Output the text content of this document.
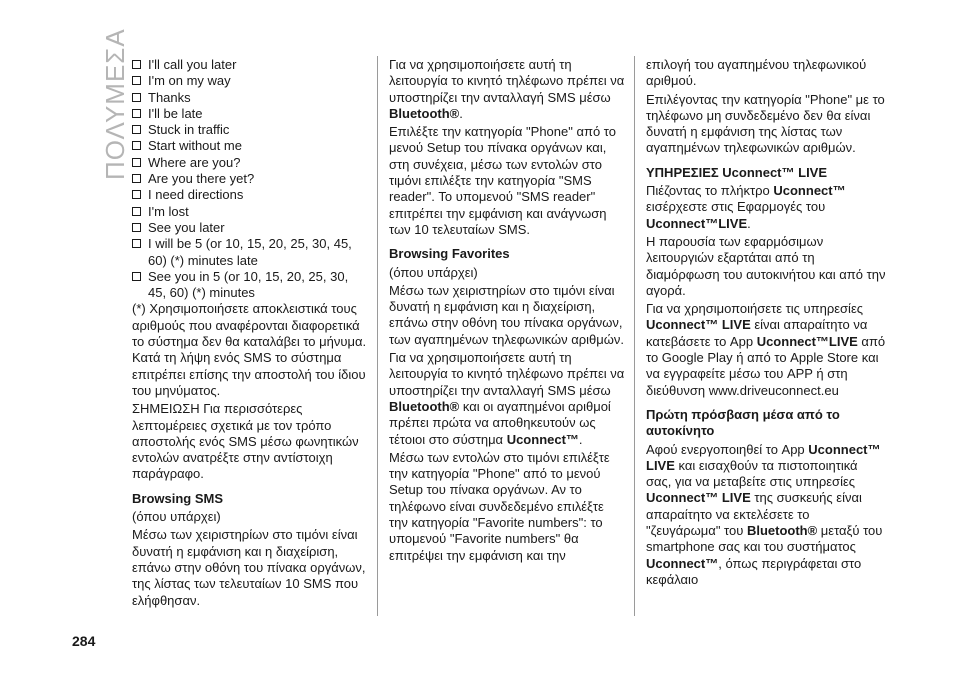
ΠΟΛΥΜΕΣΑ I'll call you later
I'm on my way
Thanks
I'll be late
Stuck in traffic
Start without me
Where are you?
Are you there yet?
I need directions
I'm lost
See you later
I will be 5 (or 10, 15, 20, 25, 30, 45, 60) (*) minutes late
See you in 5 (or 10, 15, 20, 25, 30, 45, 60) (*) minutes
(*) Χρησιμοποιήσετε αποκλειστικά τους αριθμούς που αναφέρονται διαφορετικά το σύστημα δεν θα καταλάβει το μήνυμα. Κατά τη λήψη ενός SMS το σύστημα επιτρέπει επίσης την αποστολή του ίδιου του μηνύματος.
ΣΗΜΕΙΩΣΗ Για περισσότερες λεπτομέρειες σχετικά με τον τρόπο αποστολής ενός SMS μέσω φωνητικών εντολών ανατρέξτε στην αντίστοιχη παράγραφο.
Browsing SMS
(όπου υπάρχει)
Μέσω των χειριστηρίων στο τιμόνι είναι δυνατή η εμφάνιση και η διαχείριση, επάνω στην οθόνη του πίνακα οργάνων, της λίστας των τελευταίων 10 SMS που ελήφθησαν.
Για να χρησιμοποιήσετε αυτή τη λειτουργία το κινητό τηλέφωνο πρέπει να υποστηρίζει την ανταλλαγή SMS μέσω Bluetooth®.
Επιλέξτε την κατηγορία "Phone" από το μενού Setup του πίνακα οργάνων και, στη συνέχεια, μέσω των εντολών στο τιμόνι επιλέξτε την κατηγορία "SMS reader". Το υπομενού "SMS reader" επιτρέπει την εμφάνιση και ανάγνωση των 10 τελευταίων SMS.
Browsing Favorites
(όπου υπάρχει)
Μέσω των χειριστηρίων στο τιμόνι είναι δυνατή η εμφάνιση και η διαχείριση, επάνω στην οθόνη του πίνακα οργάνων, των αγαπημένων τηλεφωνικών αριθμών.
Για να χρησιμοποιήσετε αυτή τη λειτουργία το κινητό τηλέφωνο πρέπει να υποστηρίζει την ανταλλαγή SMS μέσω Bluetooth® και οι αγαπημένοι αριθμοί πρέπει πρώτα να αποθηκευτούν ως τέτοιοι στο σύστημα Uconnect™.
Μέσω των εντολών στο τιμόνι επιλέξτε την κατηγορία "Phone" από το μενού Setup του πίνακα οργάνων. Αν το τηλέφωνο είναι συνδεδεμένο επιλέξτε την κατηγορία "Favorite numbers": το υπομενού "Favorite numbers" θα επιτρέψει την εμφάνιση και την
επιλογή του αγαπημένου τηλεφωνικού αριθμού.
Επιλέγοντας την κατηγορία "Phone" με το τηλέφωνο μη συνδεδεμένο δεν θα είναι δυνατή η εμφάνιση της λίστας των αγαπημένων τηλεφωνικών αριθμών.
ΥΠΗΡΕΣΙΕΣ Uconnect™ LIVE
Πιέζοντας το πλήκτρο Uconnect™ εισέρχεστε στις Εφαρμογές του Uconnect™LIVE.
Η παρουσία των εφαρμόσιμων λειτουργιών εξαρτάται από τη διαμόρφωση του αυτοκινήτου και από την αγορά.
Για να χρησιμοποιήσετε τις υπηρεσίες Uconnect™ LIVE είναι απαραίτητο να κατεβάσετε το App Uconnect™LIVE από το Google Play ή από το Apple Store και να εγγραφείτε μέσω του APP ή στη διεύθυνση www.driveuconnect.eu
Πρώτη πρόσβαση μέσα από το αυτοκίνητο
Αφού ενεργοποιηθεί το App Uconnect™ LIVE και εισαχθούν τα πιστοποιητικά σας, για να μεταβείτε στις υπηρεσίες Uconnect™ LIVE της συσκευής είναι απαραίτητο να εκτελέσετε το "ζευγάρωμα" του Bluetooth® μεταξύ του smartphone σας και του συστήματος Uconnect™, όπως περιγράφεται στο κεφάλαιο
284
